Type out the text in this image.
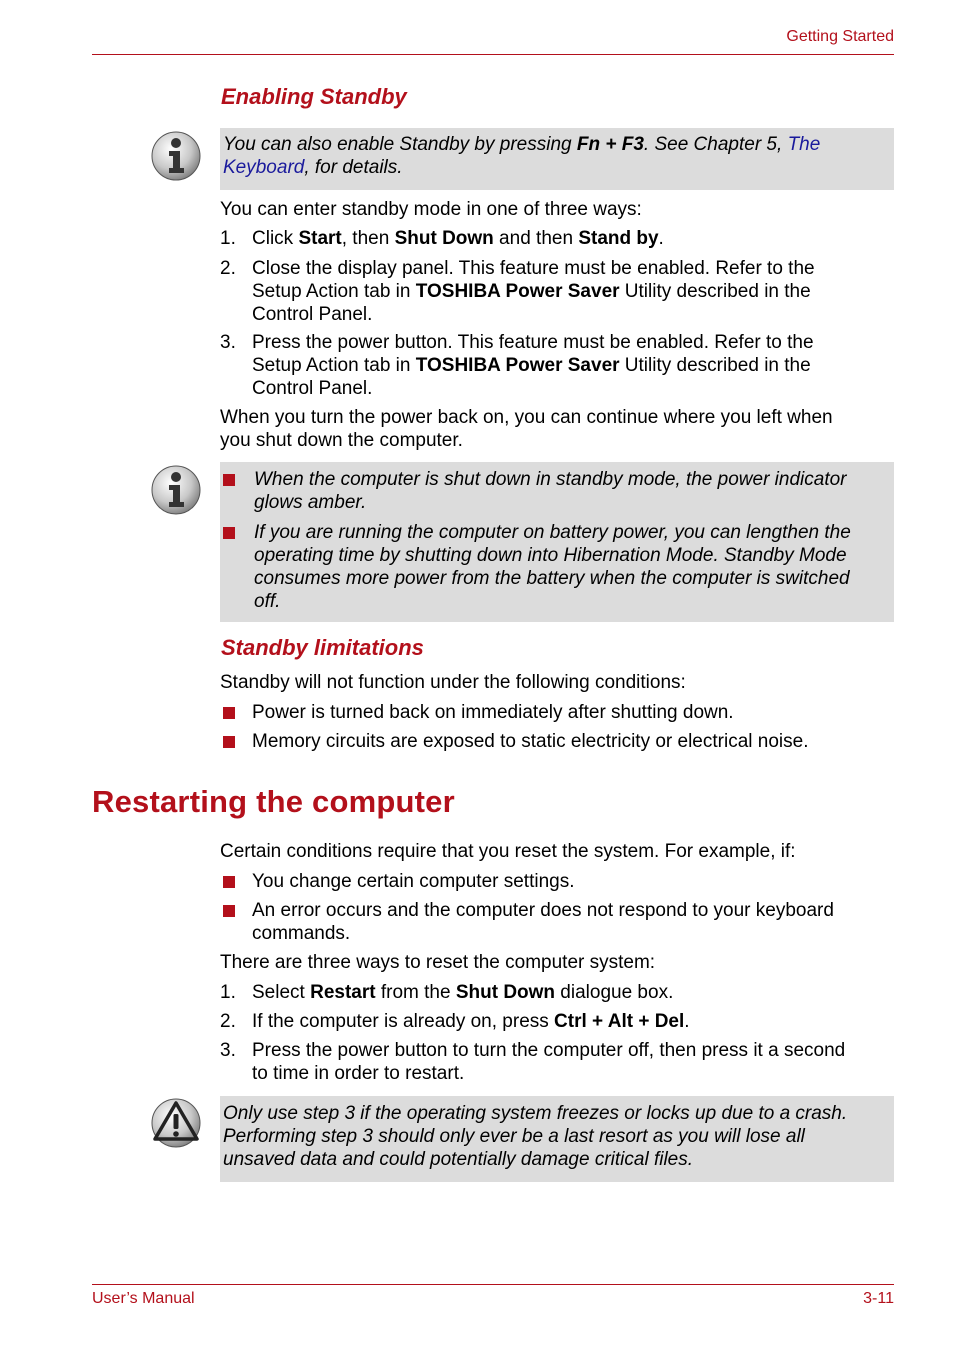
Getting Started
Enabling Standby
You can also enable Standby by pressing Fn + F3. See Chapter 5, The
Keyboard, for details.
You can enter standby mode in one of three ways:
1. Click Start, then Shut Down and then Stand by.
2. Close the display panel. This feature must be enabled. Refer to the
Setup Action tab in TOSHIBA Power Saver Utility described in the
Control Panel.
3. Press the power button. This feature must be enabled. Refer to the
Setup Action tab in TOSHIBA Power Saver Utility described in the
Control Panel.
When you turn the power back on, you can continue where you left when
you shut down the computer.
When the computer is shut down in standby mode, the power indicator
glows amber.
If you are running the computer on battery power, you can lengthen the
operating time by shutting down into Hibernation Mode. Standby Mode
consumes more power from the battery when the computer is switched
off.
Standby limitations
Standby will not function under the following conditions:
Power is turned back on immediately after shutting down.
Memory circuits are exposed to static electricity or electrical noise.
Restarting the computer
Certain conditions require that you reset the system. For example, if:
You change certain computer settings.
An error occurs and the computer does not respond to your keyboard
commands.
There are three ways to reset the computer system:
1. Select Restart from the Shut Down dialogue box.
2. If the computer is already on, press Ctrl + Alt + Del.
3. Press the power button to turn the computer off, then press it a second
to time in order to restart.
Only use step 3 if the operating system freezes or locks up due to a crash.
Performing step 3 should only ever be a last resort as you will lose all
unsaved data and could potentially damage critical files.
User’s Manual	3-11
